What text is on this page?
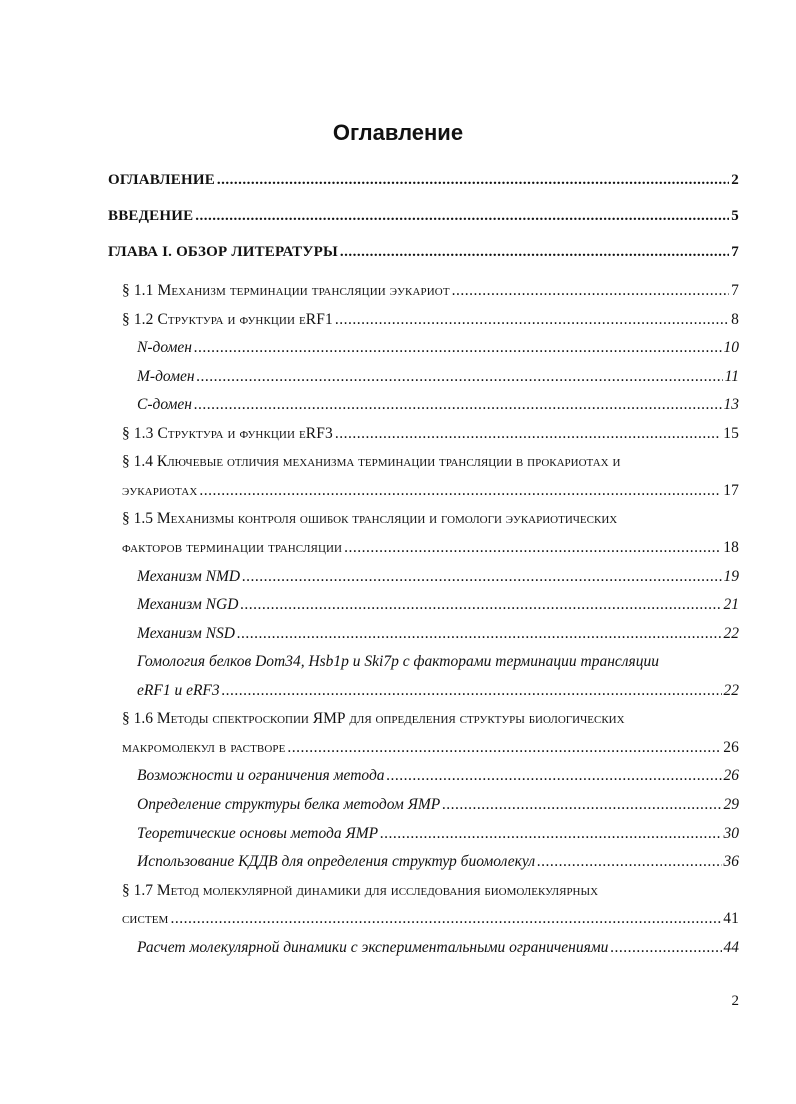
Оглавление
ОГЛАВЛЕНИЕ .....	2
ВВЕДЕНИЕ .....	5
ГЛАВА I. ОБЗОР ЛИТЕРАТУРЫ .....	7
§ 1.1 Механизм терминации трансляции эукариот .....	7
§ 1.2 Структура и функции eRF1 .....	8
N-домен .....	10
M-домен .....	11
C-домен .....	13
§ 1.3 Структура и функции eRF3 .....	15
§ 1.4 Ключевые отличия механизма терминации трансляции в прокариотах и
эукариотах .....	17
§ 1.5 Механизмы контроля ошибок трансляции и гомологи эукариотических
факторов терминации трансляции .....	18
Механизм NMD .....	19
Механизм NGD .....	21
Механизм NSD .....	22
Гомология белков Dom34, Hsb1p и Ski7p с факторами терминации трансляции
eRF1 и eRF3 .....	22
§ 1.6 Методы спектроскопии ЯМР для определения структуры биологических
макромолекул в растворе .....	26
Возможности и ограничения метода .....	26
Определение структуры белка методом ЯМР .....	29
Теоретические основы метода ЯМР .....	30
Использование КДДВ для определения структур биомолекул .....	36
§ 1.7 Метод молекулярной динамики для исследования биомолекулярных
систем .....	41
Расчет молекулярной динамики с экспериментальными ограничениями .....	44
2
